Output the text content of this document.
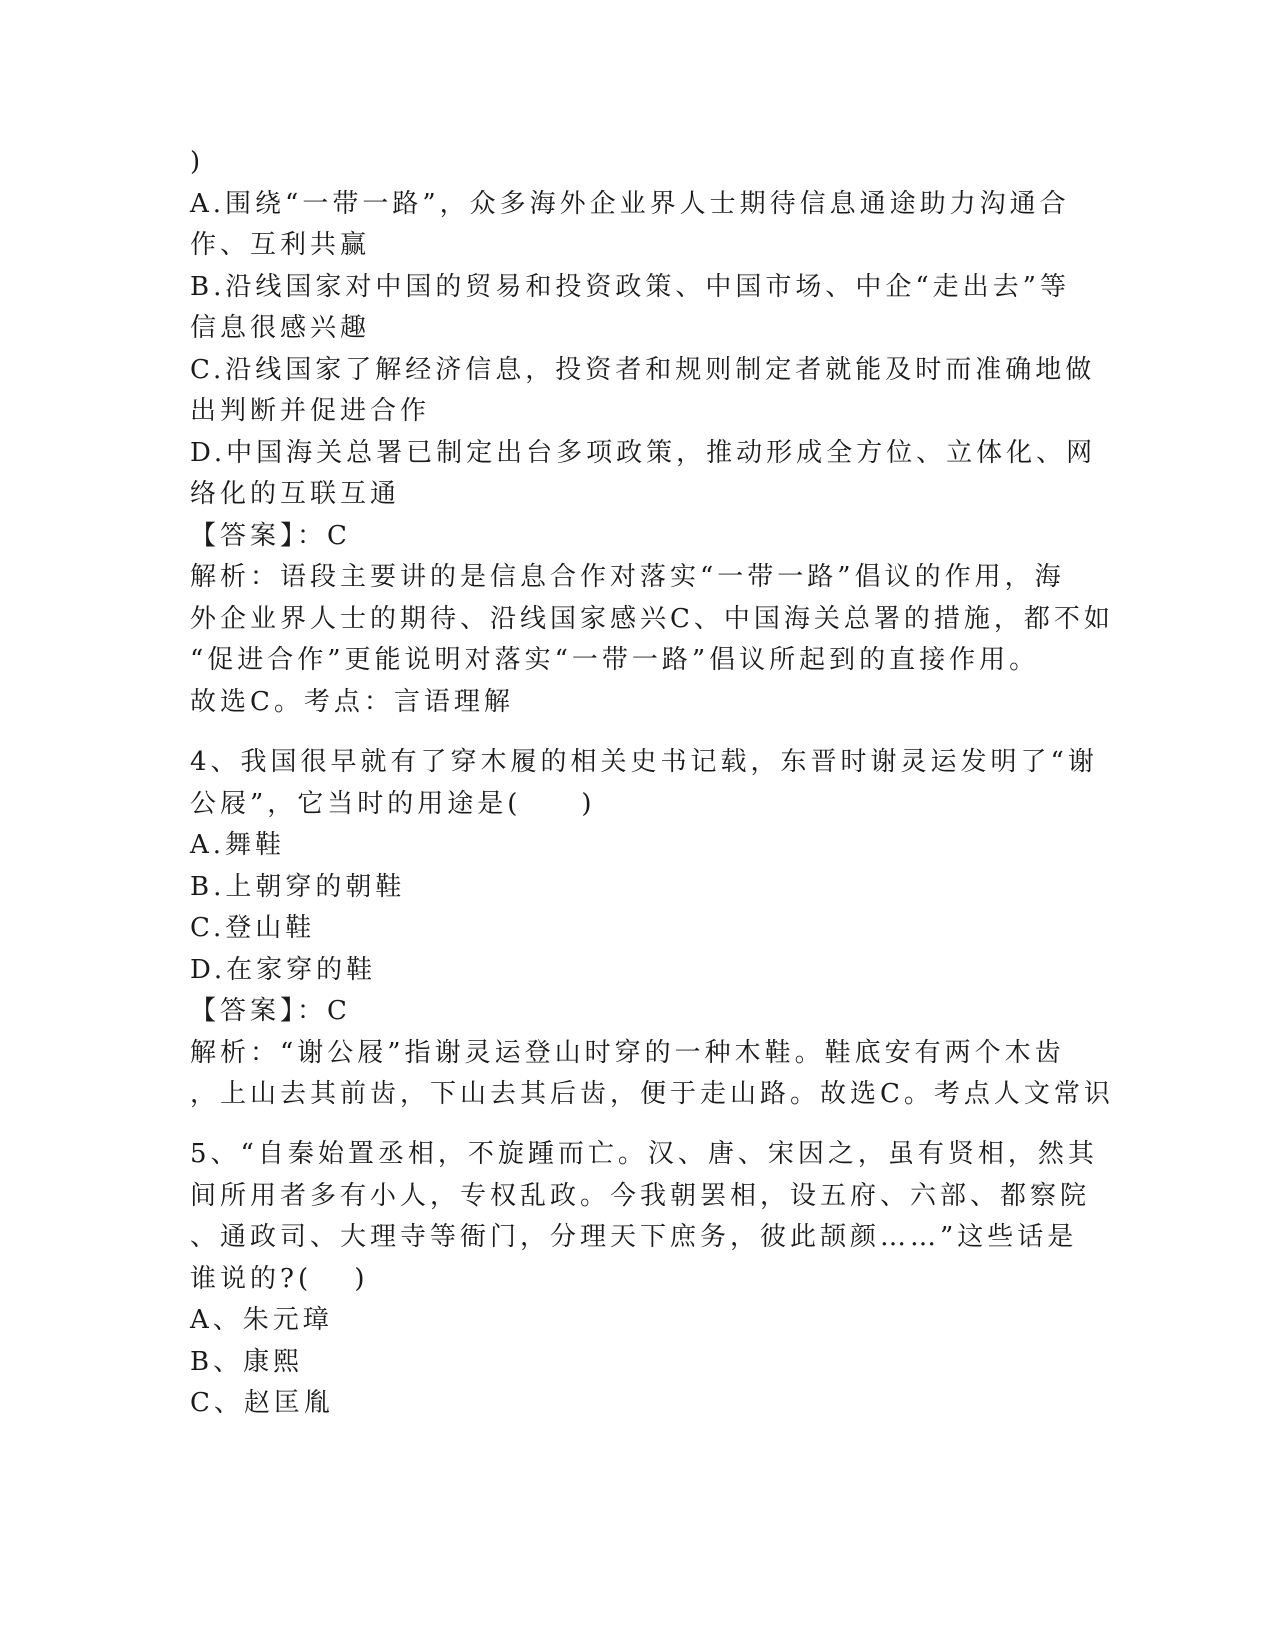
)
A.围绕“一带一路”，众多海外企业界人士期待信息通途助力沟通合
作、互利共赢
B.沿线国家对中国的贸易和投资政策、中国市场、中企“走出去”等
信息很感兴趣
C.沿线国家了解经济信息，投资者和规则制定者就能及时而准确地做
出判断并促进合作
D.中国海关总署已制定出台多项政策，推动形成全方位、立体化、网
络化的互联互通
【答案】：C
解析：语段主要讲的是信息合作对落实“一带一路”倡议的作用，海
外企业界人士的期待、沿线国家感兴C、中国海关总署的措施，都不如
“促进合作”更能说明对落实“一带一路”倡议所起到的直接作用。
故选C。考点：言语理解
4、我国很早就有了穿木履的相关史书记载，东晋时谢灵运发明了“谢
公屐”，它当时的用途是(　　)
A.舞鞋
B.上朝穿的朝鞋
C.登山鞋
D.在家穿的鞋
【答案】：C
解析：“谢公屐”指谢灵运登山时穿的一种木鞋。鞋底安有两个木齿
，上山去其前齿，下山去其后齿，便于走山路。故选C。考点人文常识
5、“自秦始置丞相，不旋踵而亡。汉、唐、宋因之，虽有贤相，然其
间所用者多有小人，专权乱政。今我朝罢相，设五府、六部、都察院
、通政司、大理寺等衙门，分理天下庶务，彼此颉颜……”这些话是
谁说的?(　 )
A、朱元璋
B、康熙
C、赵匡胤
